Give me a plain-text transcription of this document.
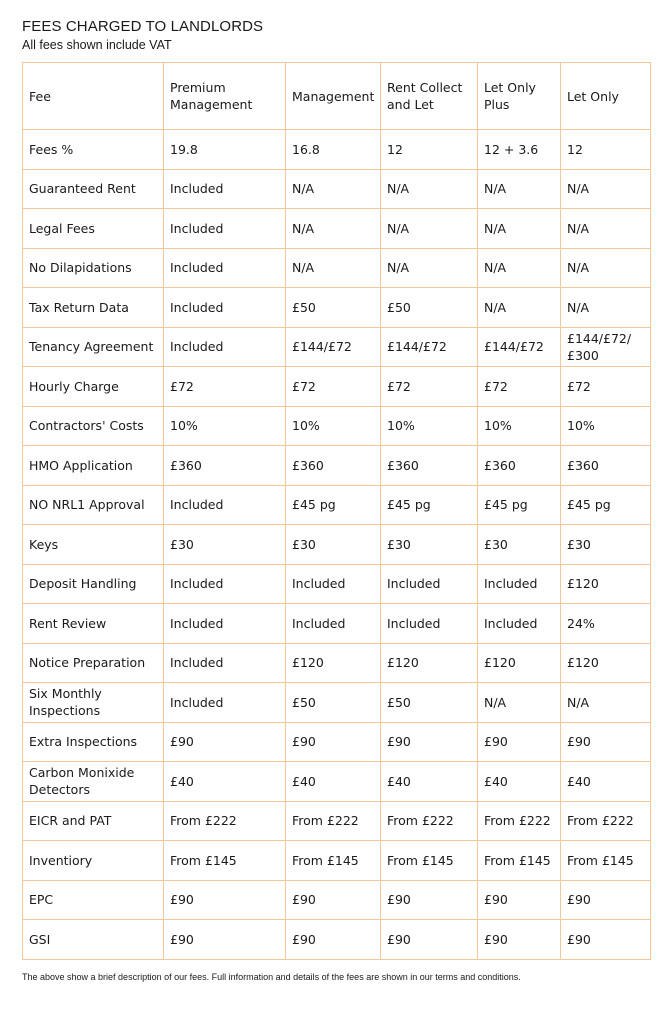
FEES CHARGED TO LANDLORDS
All fees shown include VAT
Fee	Premium Management	Management	Rent Collect and Let	Let Only Plus	Let Only
Fees %	19.8	16.8	12	12 + 3.6	12
Guaranteed Rent	Included	N/A	N/A	N/A	N/A
Legal Fees	Included	N/A	N/A	N/A	N/A
No Dilapidations	Included	N/A	N/A	N/A	N/A
Tax Return Data	Included	£50	£50	N/A	N/A
Tenancy Agreement	Included	£144/£72	£144/£72	£144/£72	£144/£72/£300
Hourly Charge	£72	£72	£72	£72	£72
Contractors' Costs	10%	10%	10%	10%	10%
HMO Application	£360	£360	£360	£360	£360
NO NRL1 Approval	Included	£45 pg	£45 pg	£45 pg	£45 pg
Keys	£30	£30	£30	£30	£30
Deposit Handling	Included	Included	Included	Included	£120
Rent Review	Included	Included	Included	Included	24%
Notice Preparation	Included	£120	£120	£120	£120
Six Monthly Inspections	Included	£50	£50	N/A	N/A
Extra Inspections	£90	£90	£90	£90	£90
Carbon Monixide Detectors	£40	£40	£40	£40	£40
EICR and PAT	From £222	From £222	From £222	From £222	From £222
Inventiory	From £145	From £145	From £145	From £145	From £145
EPC	£90	£90	£90	£90	£90
GSI	£90	£90	£90	£90	£90
The above show a brief description of our fees. Full information and details of the fees are shown in our terms and conditions.
